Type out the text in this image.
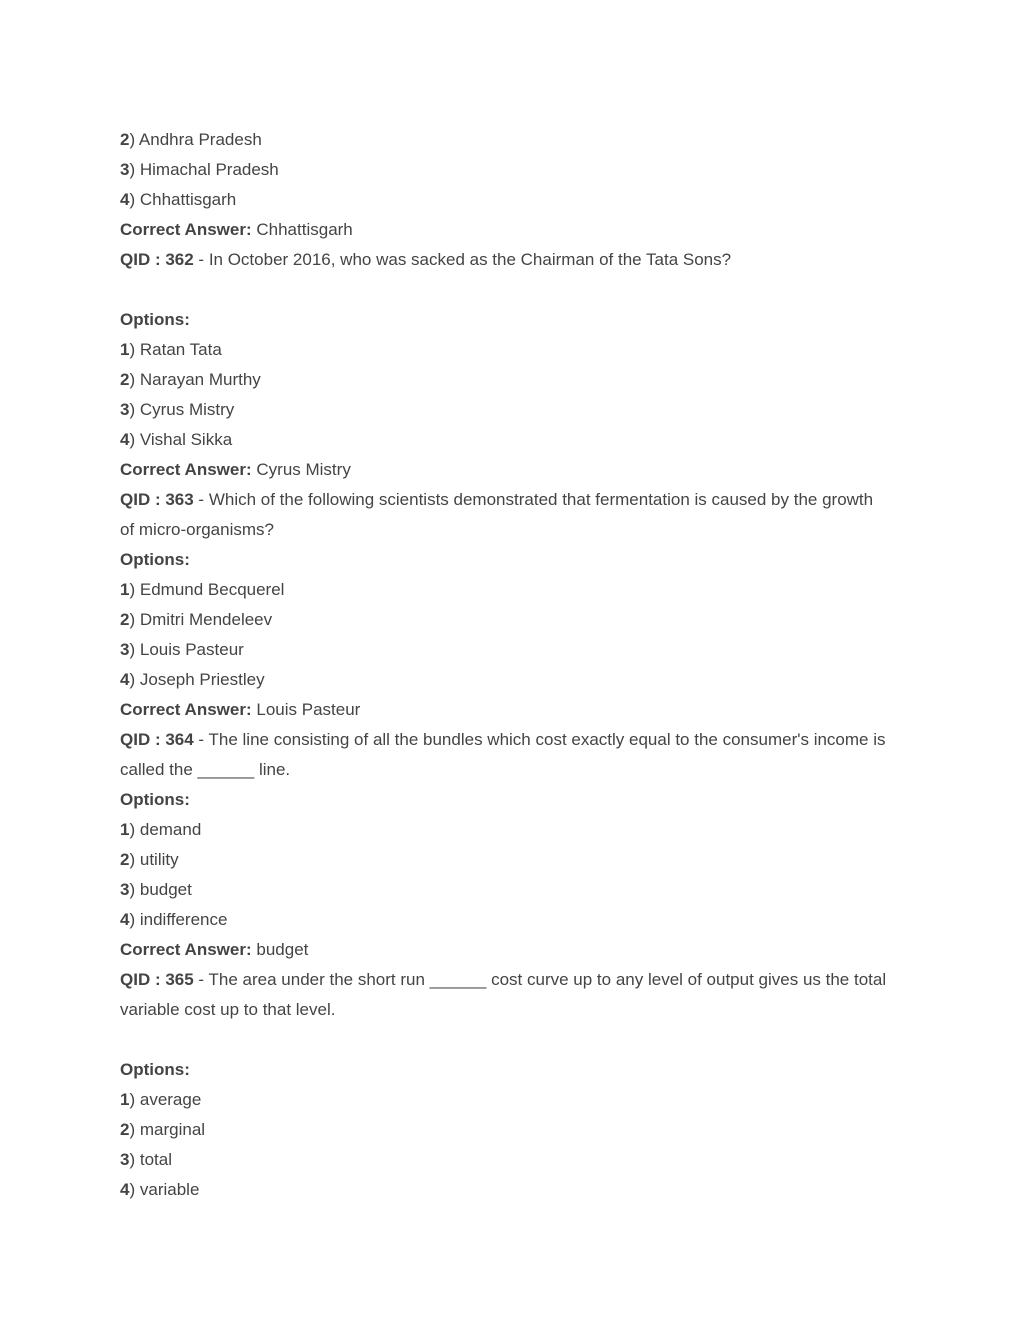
2) Andhra Pradesh
3) Himachal Pradesh
4) Chhattisgarh
Correct Answer: Chhattisgarh
QID : 362 - In October 2016, who was sacked as the Chairman of the Tata Sons?
Options:
1) Ratan Tata
2) Narayan Murthy
3) Cyrus Mistry
4) Vishal Sikka
Correct Answer: Cyrus Mistry
QID : 363 - Which of the following scientists demonstrated that fermentation is caused by the growth of micro-organisms?
Options:
1) Edmund Becquerel
2) Dmitri Mendeleev
3) Louis Pasteur
4) Joseph Priestley
Correct Answer: Louis Pasteur
QID : 364 - The line consisting of all the bundles which cost exactly equal to the consumer's income is called the ______ line.
Options:
1) demand
2) utility
3) budget
4) indifference
Correct Answer: budget
QID : 365 - The area under the short run ______ cost curve up to any level of output gives us the total variable cost up to that level.
Options:
1) average
2) marginal
3) total
4) variable
